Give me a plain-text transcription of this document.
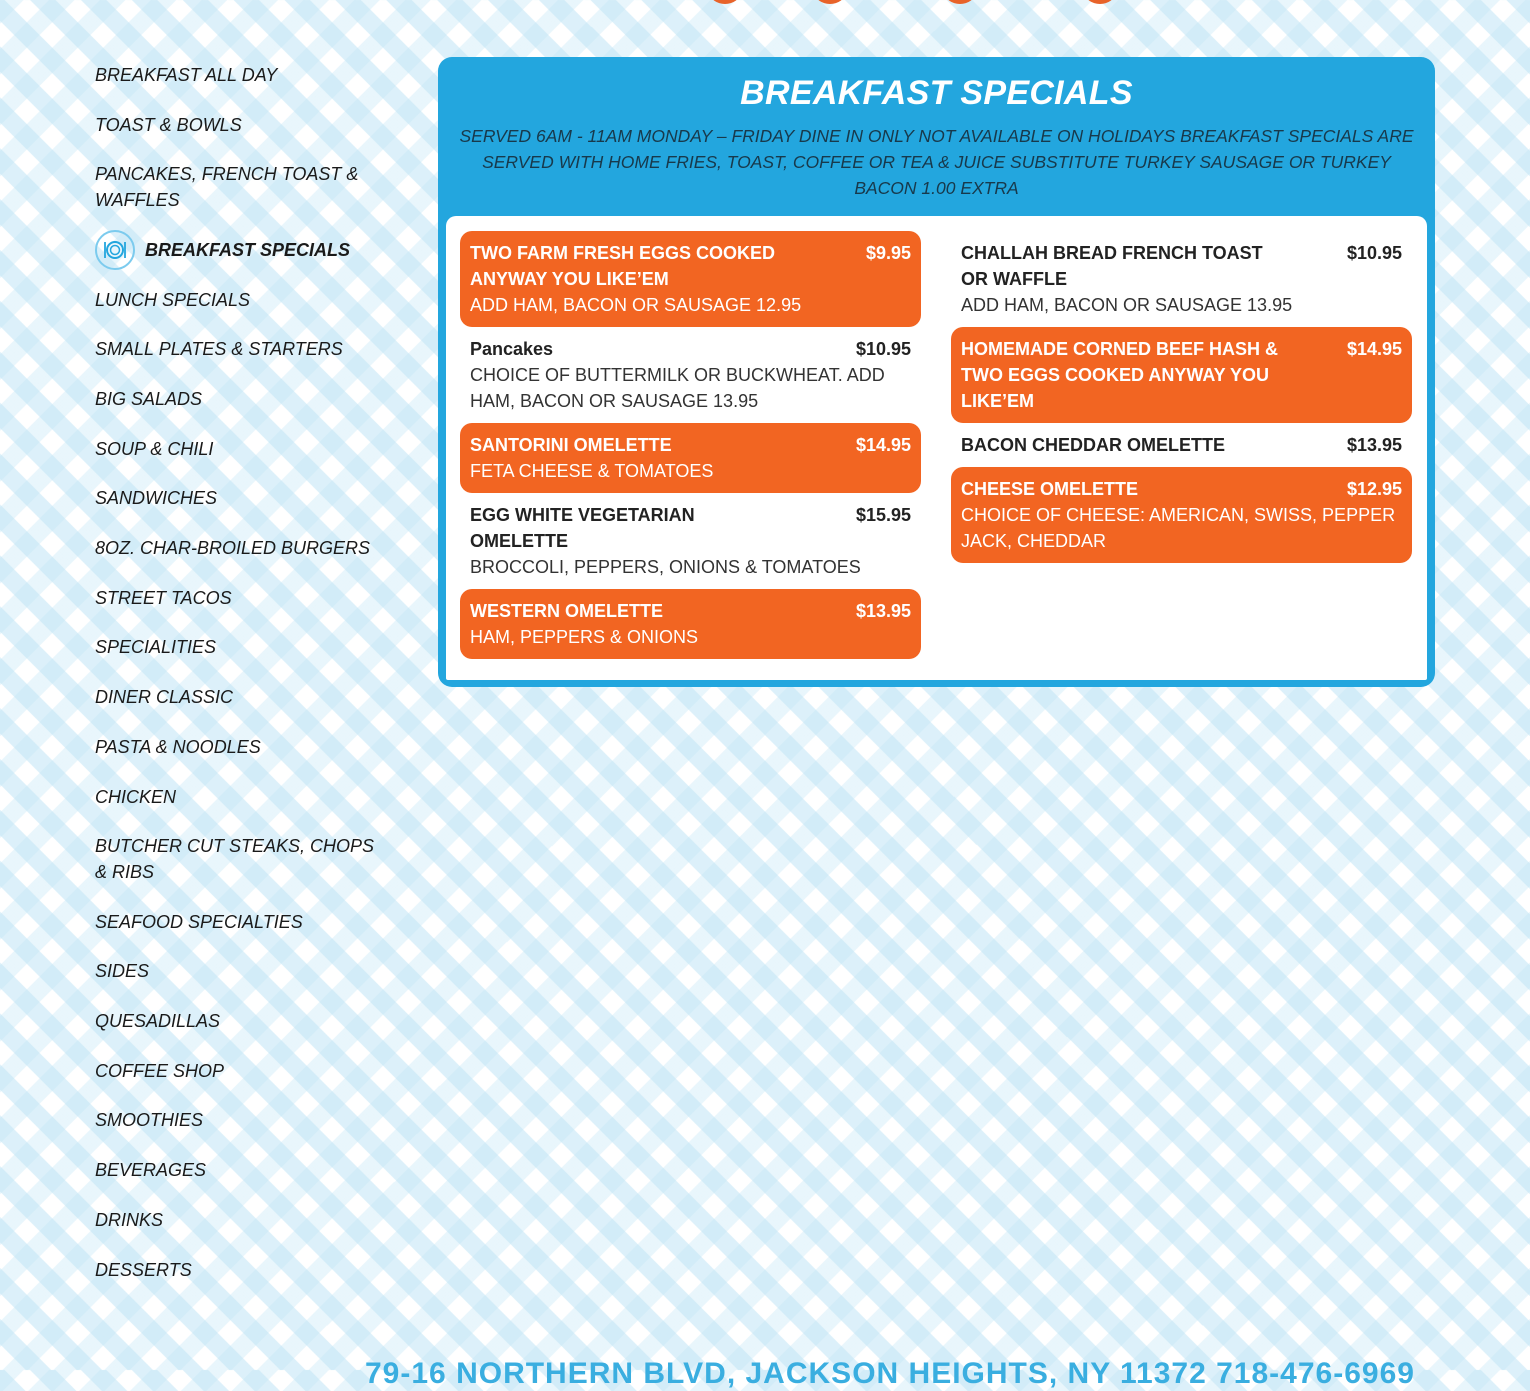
BREAKFAST ALL DAY
TOAST & BOWLS
PANCAKES, FRENCH TOAST & WAFFLES
BREAKFAST SPECIALS
LUNCH SPECIALS
SMALL PLATES & STARTERS
BIG SALADS
SOUP & CHILI
SANDWICHES
8OZ. CHAR-BROILED BURGERS
STREET TACOS
SPECIALITIES
DINER CLASSIC
PASTA & NOODLES
CHICKEN
BUTCHER CUT STEAKS, CHOPS & RIBS
SEAFOOD SPECIALTIES
SIDES
QUESADILLAS
COFFEE SHOP
SMOOTHIES
BEVERAGES
DRINKS
DESSERTS
BREAKFAST SPECIALS

SERVED 6AM - 11AM MONDAY – FRIDAY DINE IN ONLY NOT AVAILABLE ON HOLIDAYS BREAKFAST SPECIALS ARE SERVED WITH HOME FRIES, TOAST, COFFEE OR TEA & JUICE SUBSTITUTE TURKEY SAUSAGE OR TURKEY BACON 1.00 EXTRA

TWO FARM FRESH EGGS COOKED ANYWAY YOU LIKE’EM
$9.95
ADD HAM, BACON OR SAUSAGE 12.95
Pancakes	$10.95
CHOICE OF BUTTERMILK OR BUCKWHEAT. ADD HAM, BACON OR SAUSAGE 13.95
SANTORINI OMELETTE	$14.95
FETA CHEESE & TOMATOES
EGG WHITE VEGETARIAN OMELETTE
$15.95
BROCCOLI, PEPPERS, ONIONS & TOMATOES
WESTERN OMELETTE	$13.95
HAM, PEPPERS & ONIONS
CHALLAH BREAD FRENCH TOAST OR WAFFLE
$10.95
ADD HAM, BACON OR SAUSAGE 13.95
HOMEMADE CORNED BEEF HASH & TWO EGGS COOKED ANYWAY YOU LIKE’EM
$14.95
BACON CHEDDAR OMELETTE	$13.95
CHEESE OMELETTE	$12.95
CHOICE OF CHEESE: AMERICAN, SWISS, PEPPER JACK, CHEDDAR
79-16 NORTHERN BLVD, JACKSON HEIGHTS, NY 11372 718-476-6969
